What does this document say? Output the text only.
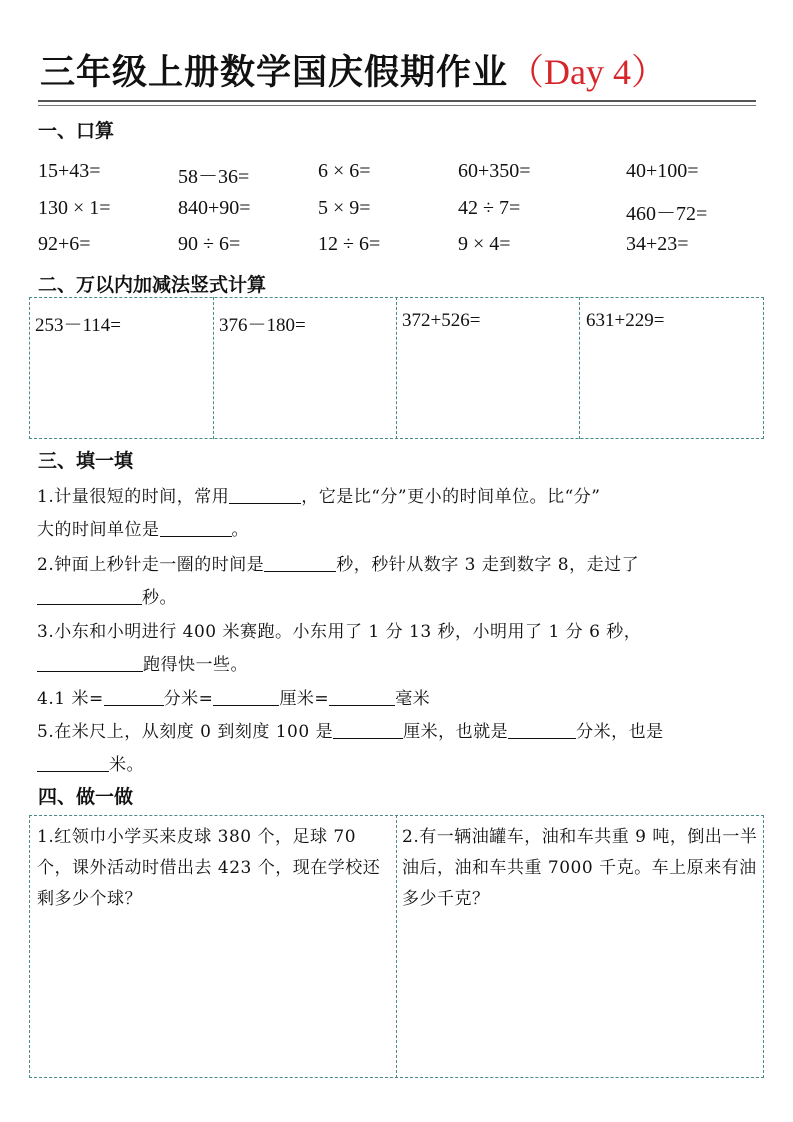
三年级上册数学国庆假期作业（Day 4）
一、口算
15+43=	58－36=	6 × 6=	60+350=	40+100=
130 × 1=	840+90=	5 × 9=	42 ÷ 7=	460－72=
92+6=	90 ÷ 6=	12 ÷ 6=	9 × 4=	34+23=
二、万以内加减法竖式计算
253－114=	376－180=	372+526=	631+229=
三、填一填
1.计量很短的时间，常用	，它是比“分”更小的时间单位。比“分”
大的时间单位是	。
2.钟面上秒针走一圈的时间是	秒，秒针从数字 3 走到数字 8，走过了
秒。
3.小东和小明进行 400 米赛跑。小东用了 1 分 13 秒，小明用了 1 分 6 秒，
跑得快一些。
4.1 米=	分米=	厘米=	毫米
5.在米尺上，从刻度 0 到刻度 100 是	厘米，也就是	分米，也是
米。
四、做一做
1.红领巾小学买来皮球 380 个，足球 70 个，课外活动时借出去 423 个，现在学校还剩多少个球？
2.有一辆油罐车，油和车共重 9 吨，倒出一半油后，油和车共重 7000 千克。车上原来有油多少千克？
